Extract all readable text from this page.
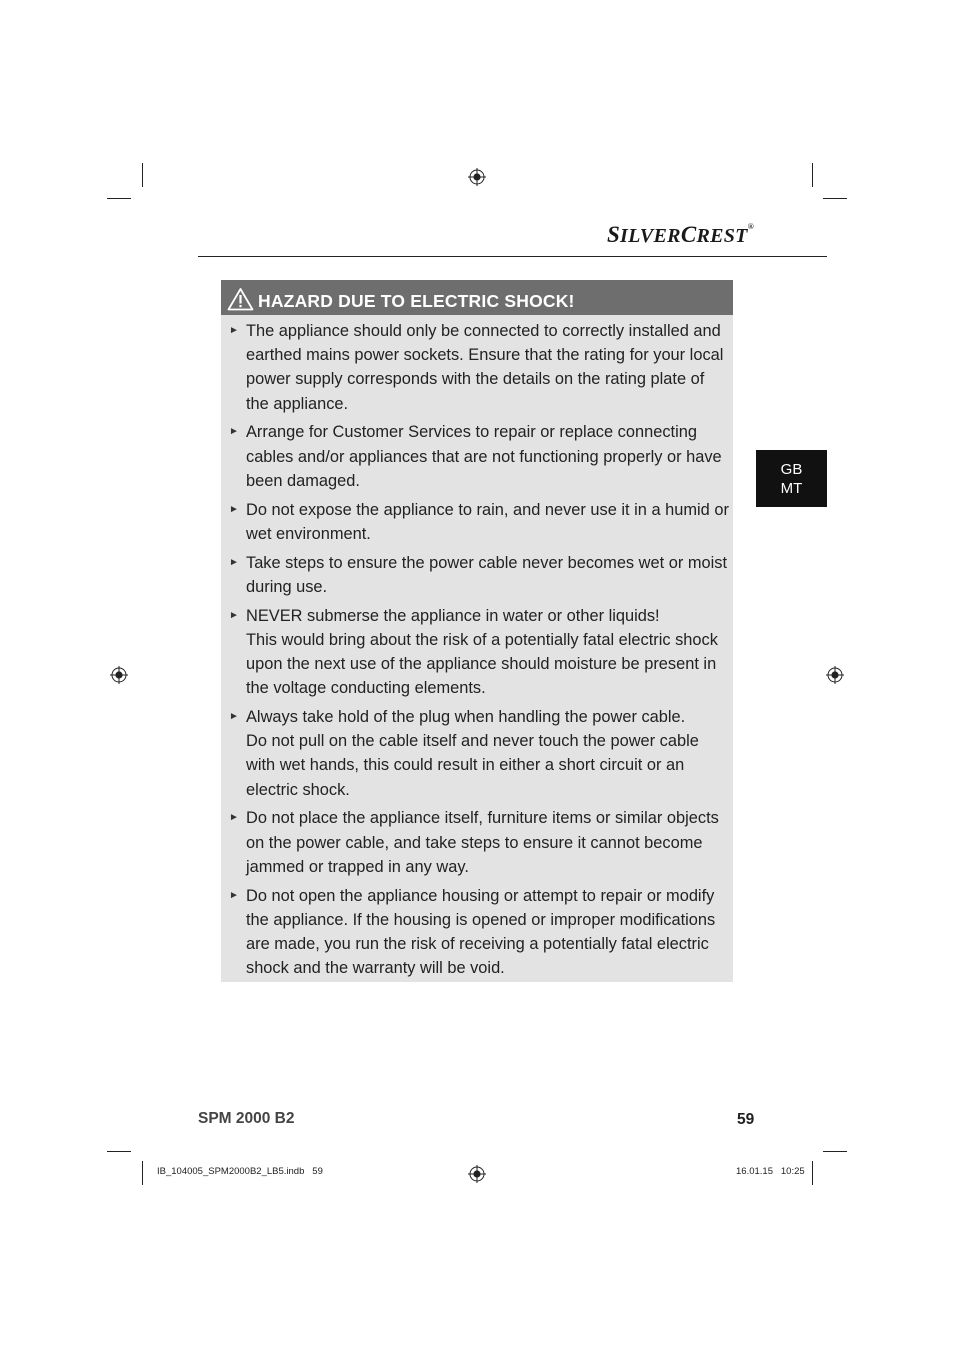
SILVERCREST®
HAZARD DUE TO ELECTRIC SHOCK!
► The appliance should only be connected to correctly installed and earthed mains power sockets. Ensure that the rating for your local power supply corresponds with the details on the rating plate of the appliance.
► Arrange for Customer Services to repair or replace connecting cables and/or appliances that are not functioning properly or have been damaged.
► Do not expose the appliance to rain, and never use it in a humid or wet environment.
► Take steps to ensure the power cable never becomes wet or moist during use.
► NEVER submerse the appliance in water or other liquids!
This would bring about the risk of a potentially fatal electric shock upon the next use of the appliance should moisture be present in the voltage conducting elements.
► Always take hold of the plug when handling the power cable.
Do not pull on the cable itself and never touch the power cable with wet hands, this could result in either a short circuit or an electric shock.
► Do not place the appliance itself, furniture items or similar objects on the power cable, and take steps to ensure it cannot become jammed or trapped in any way.
► Do not open the appliance housing or attempt to repair or modify the appliance. If the housing is opened or improper modifications are made, you run the risk of receiving a potentially fatal electric shock and the warranty will be void.
GB
MT
SPM 2000 B2	59
IB_104005_SPM2000B2_LB5.indb   59	16.01.15   10:25
